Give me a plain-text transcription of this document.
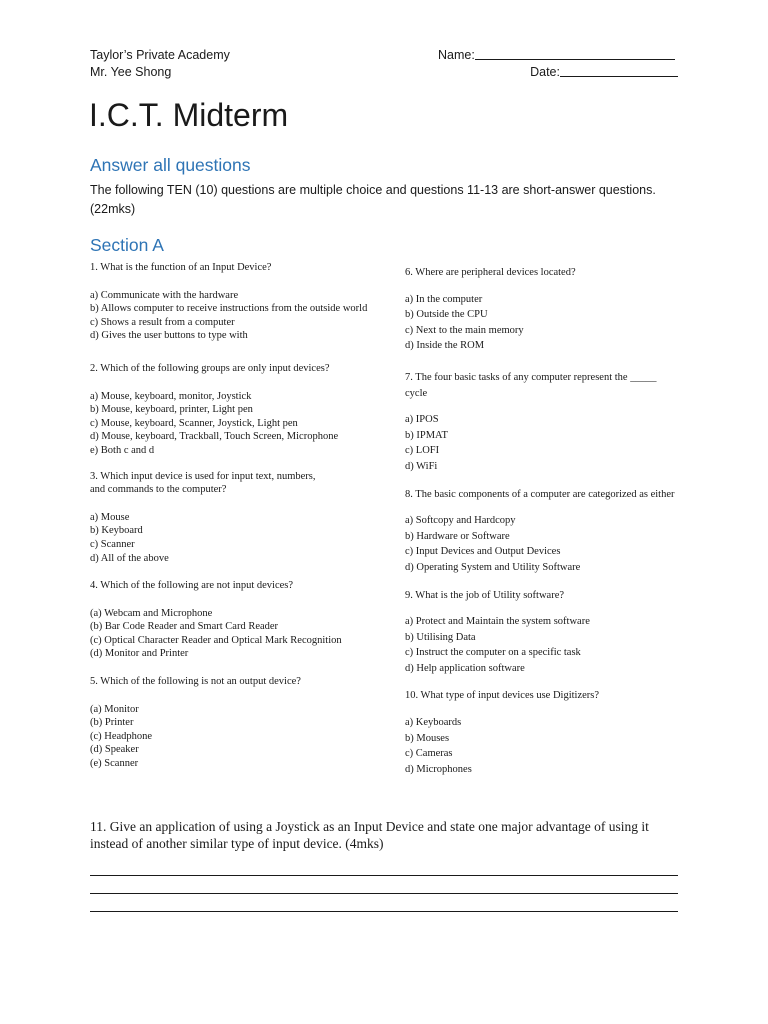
Taylor’s Private Academy
Mr. Yee Shong
Name:
Date:
I.C.T. Midterm
Answer all questions

The following TEN (10) questions are multiple choice and questions 11-13 are short-answer questions. (22mks)

Section A

1. What is the function of an Input Device?

a) Communicate with the hardware
b) Allows computer to receive instructions from the outside world
c) Shows a result from a computer
d) Gives the user buttons to type with

2. Which of the following groups are only input devices?

a) Mouse, keyboard, monitor, Joystick
b) Mouse, keyboard, printer, Light pen
c) Mouse, keyboard, Scanner, Joystick, Light pen
d) Mouse, keyboard, Trackball, Touch Screen, Microphone
e) Both c and d

3. Which input device is used for input text, numbers,
and commands to the computer?

a) Mouse
b) Keyboard
c) Scanner
d) All of the above

4. Which of the following are not input devices?

(a) Webcam and Microphone
(b) Bar Code Reader and Smart Card Reader
(c) Optical Character Reader and Optical Mark Recognition
(d) Monitor and Printer

5. Which of the following is not an output device?

(a) Monitor
(b) Printer
(c) Headphone
(d) Speaker
(e) Scanner

6. Where are peripheral devices located?

a) In the computer
b) Outside the CPU
c) Next to the main memory
d) Inside the ROM

7. The four basic tasks of any computer represent the _____
cycle

a) IPOS
b) IPMAT
c) LOFI
d) WiFi

8. The basic components of a computer are categorized as either

a) Softcopy and Hardcopy
b) Hardware or Software
c) Input Devices and Output Devices
d) Operating System and Utility Software

9. What is the job of Utility software?

a) Protect and Maintain the system software
b) Utilising Data
c) Instruct the computer on a specific task
d) Help application software

10. What type of input devices use Digitizers?

a) Keyboards
b) Mouses
c) Cameras
d) Microphones

11. Give an application of using a Joystick as an Input Device and state one major advantage of using it instead of another similar type of input device. (4mks)
